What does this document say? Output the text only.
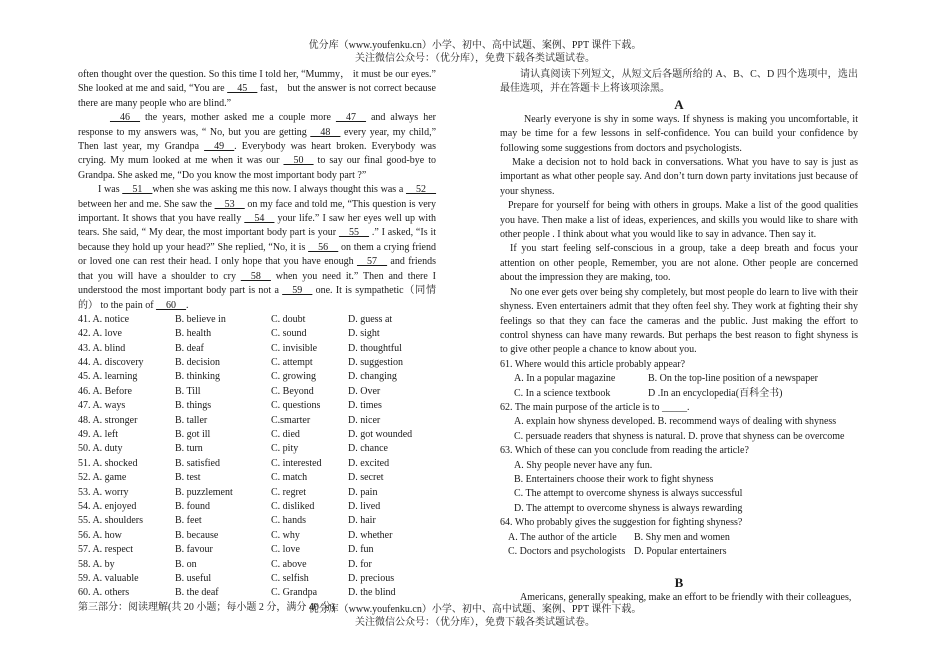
优分库（www.youfenku.cn）小学、初中、高中试题、案例、PPT 课件下载。
关注微信公众号：（优分库），免费下载各类试题试卷。

often thought over the question. So this time I told her, “Mummy， it must be our eyes.” She looked at me and said, “You are __45__ fast， but the answer is not correct because there are many people who are blind.”

__46__ the years, mother asked me a couple more __47__ and always her response to my answers was, “ No, but you are getting __48__ every year, my child,” Then last year, my Grandpa __49__. Everybody was heart broken. Everybody was crying. My mum looked at me when it was our __50__ to say our final good-bye to Grandpa. She asked me, “Do you know the most important body part ?”

I was __51__when she was asking me this now. I always thought this was a __52__ between her and me. She saw the __53__ on my face and told me, “This question is very important. It shows that you have really __54__ your life.” I saw her eyes well up with tears. She said, “ My dear, the most important body part is your __55__ .” I asked, “Is it because they hold up your head?” She replied, “No, it is __56__ on them a crying friend or loved one can rest their head. I only hope that you have enough __57__ and friends that you will have a shoulder to cry __58__ when you need it.” Then and there I understood the most important body part is not a __59__ one. It is sympathetic（同情的） to the pain of __60__.

41. A. notice	B. believe in	C. doubt	D. guess at
42. A. love	B. health	C. sound	D. sight
43. A. blind	B. deaf	C. invisible	D. thoughtful
44. A. discovery	B. decision	C. attempt	D. suggestion
45. A. learning	B. thinking	C. growing	D. changing
46. A. Before	B. Till	C. Beyond	D. Over
47. A. ways	B. things	C. questions	D. times
48. A. stronger	B. taller	C.smarter	D. nicer
49. A. left	B. got ill	C. died	D. got wounded
50. A. duty	B. turn	C. pity	D. chance
51. A. shocked	B. satisfied	C. interested	D. excited
52. A. game	B. test	C. match	D. secret
53. A. worry	B. puzzlement	C. regret	D. pain
54. A. enjoyed	B. found	C. disliked	D. lived
55. A. shoulders	B. feet	C. hands	D. hair
56. A. how	B. because	C. why	D. whether
57. A. respect	B. favour	C. love	D. fun
58. A. by	B. on	C. above	D. for
59. A. valuable	B. useful	C. selfish	D. precious
60. A. others	B. the deaf	C. Grandpa	D. the blind

第三部分：阅读理解(共 20 小题；每小题 2 分，满分 40 分)

请认真阅读下列短文，从短文后各题所给的 A、B、C、D 四个选项中，选出最佳选项，并在答题卡上将该项涂黑。

A

Nearly everyone is shy in some ways. If shyness is making you uncomfortable, it may be time for a few lessons in self-confidence. You can build your confidence by following some suggestions from doctors and psychologists.

Make a decision not to hold back in conversations. What you have to say is just as important as what other people say. And don’t turn down party invitations just because of your shyness.

Prepare for yourself for being with others in groups. Make a list of the good qualities you have. Then make a list of ideas, experiences, and skills you would like to share with other people . I think about what you would like to say in advance. Then say it.

If you start feeling self-conscious in a group, take a deep breath and focus your attention on other people, Remember, you are not alone. Other people are concerned about the impression they are making, too.

No one ever gets over being shy completely, but most people do learn to live with their shyness. Even entertainers admit that they often feel shy. They work at fighting their shy feelings so that they can face the cameras and the public. Just making the effort to control shyness can have many rewards. But perhaps the best reason to fight shyness is to give other people a chance to know about you.

61. Where would this article probably appear?

A. In a popular magazine	B. On the top-line position of a newspaper
C. In a science textbook	D .In an encyclopedia(百科全书)

62. The main purpose of the article is to _____.

A. explain how shyness developed. B. recommend ways of dealing with shyness

C. persuade readers that shyness is natural. D. prove that shyness can be overcome

63. Which of these can you conclude from reading the article?

A. Shy people never have any fun.

B. Entertainers choose their work to fight shyness

C. The attempt to overcome shyness is always successful

D. The attempt to overcome shyness is always rewarding

64. Who probably gives the suggestion for fighting shyness?

A. The author of the article B. Shy men and women
C. Doctors and psychologists D. Popular entertainers

B

Americans, generally speaking, make an effort to be friendly with their colleagues,

优分库（www.youfenku.cn）小学、初中、高中试题、案例、PPT 课件下载。
关注微信公众号：（优分库），免费下载各类试题试卷。
